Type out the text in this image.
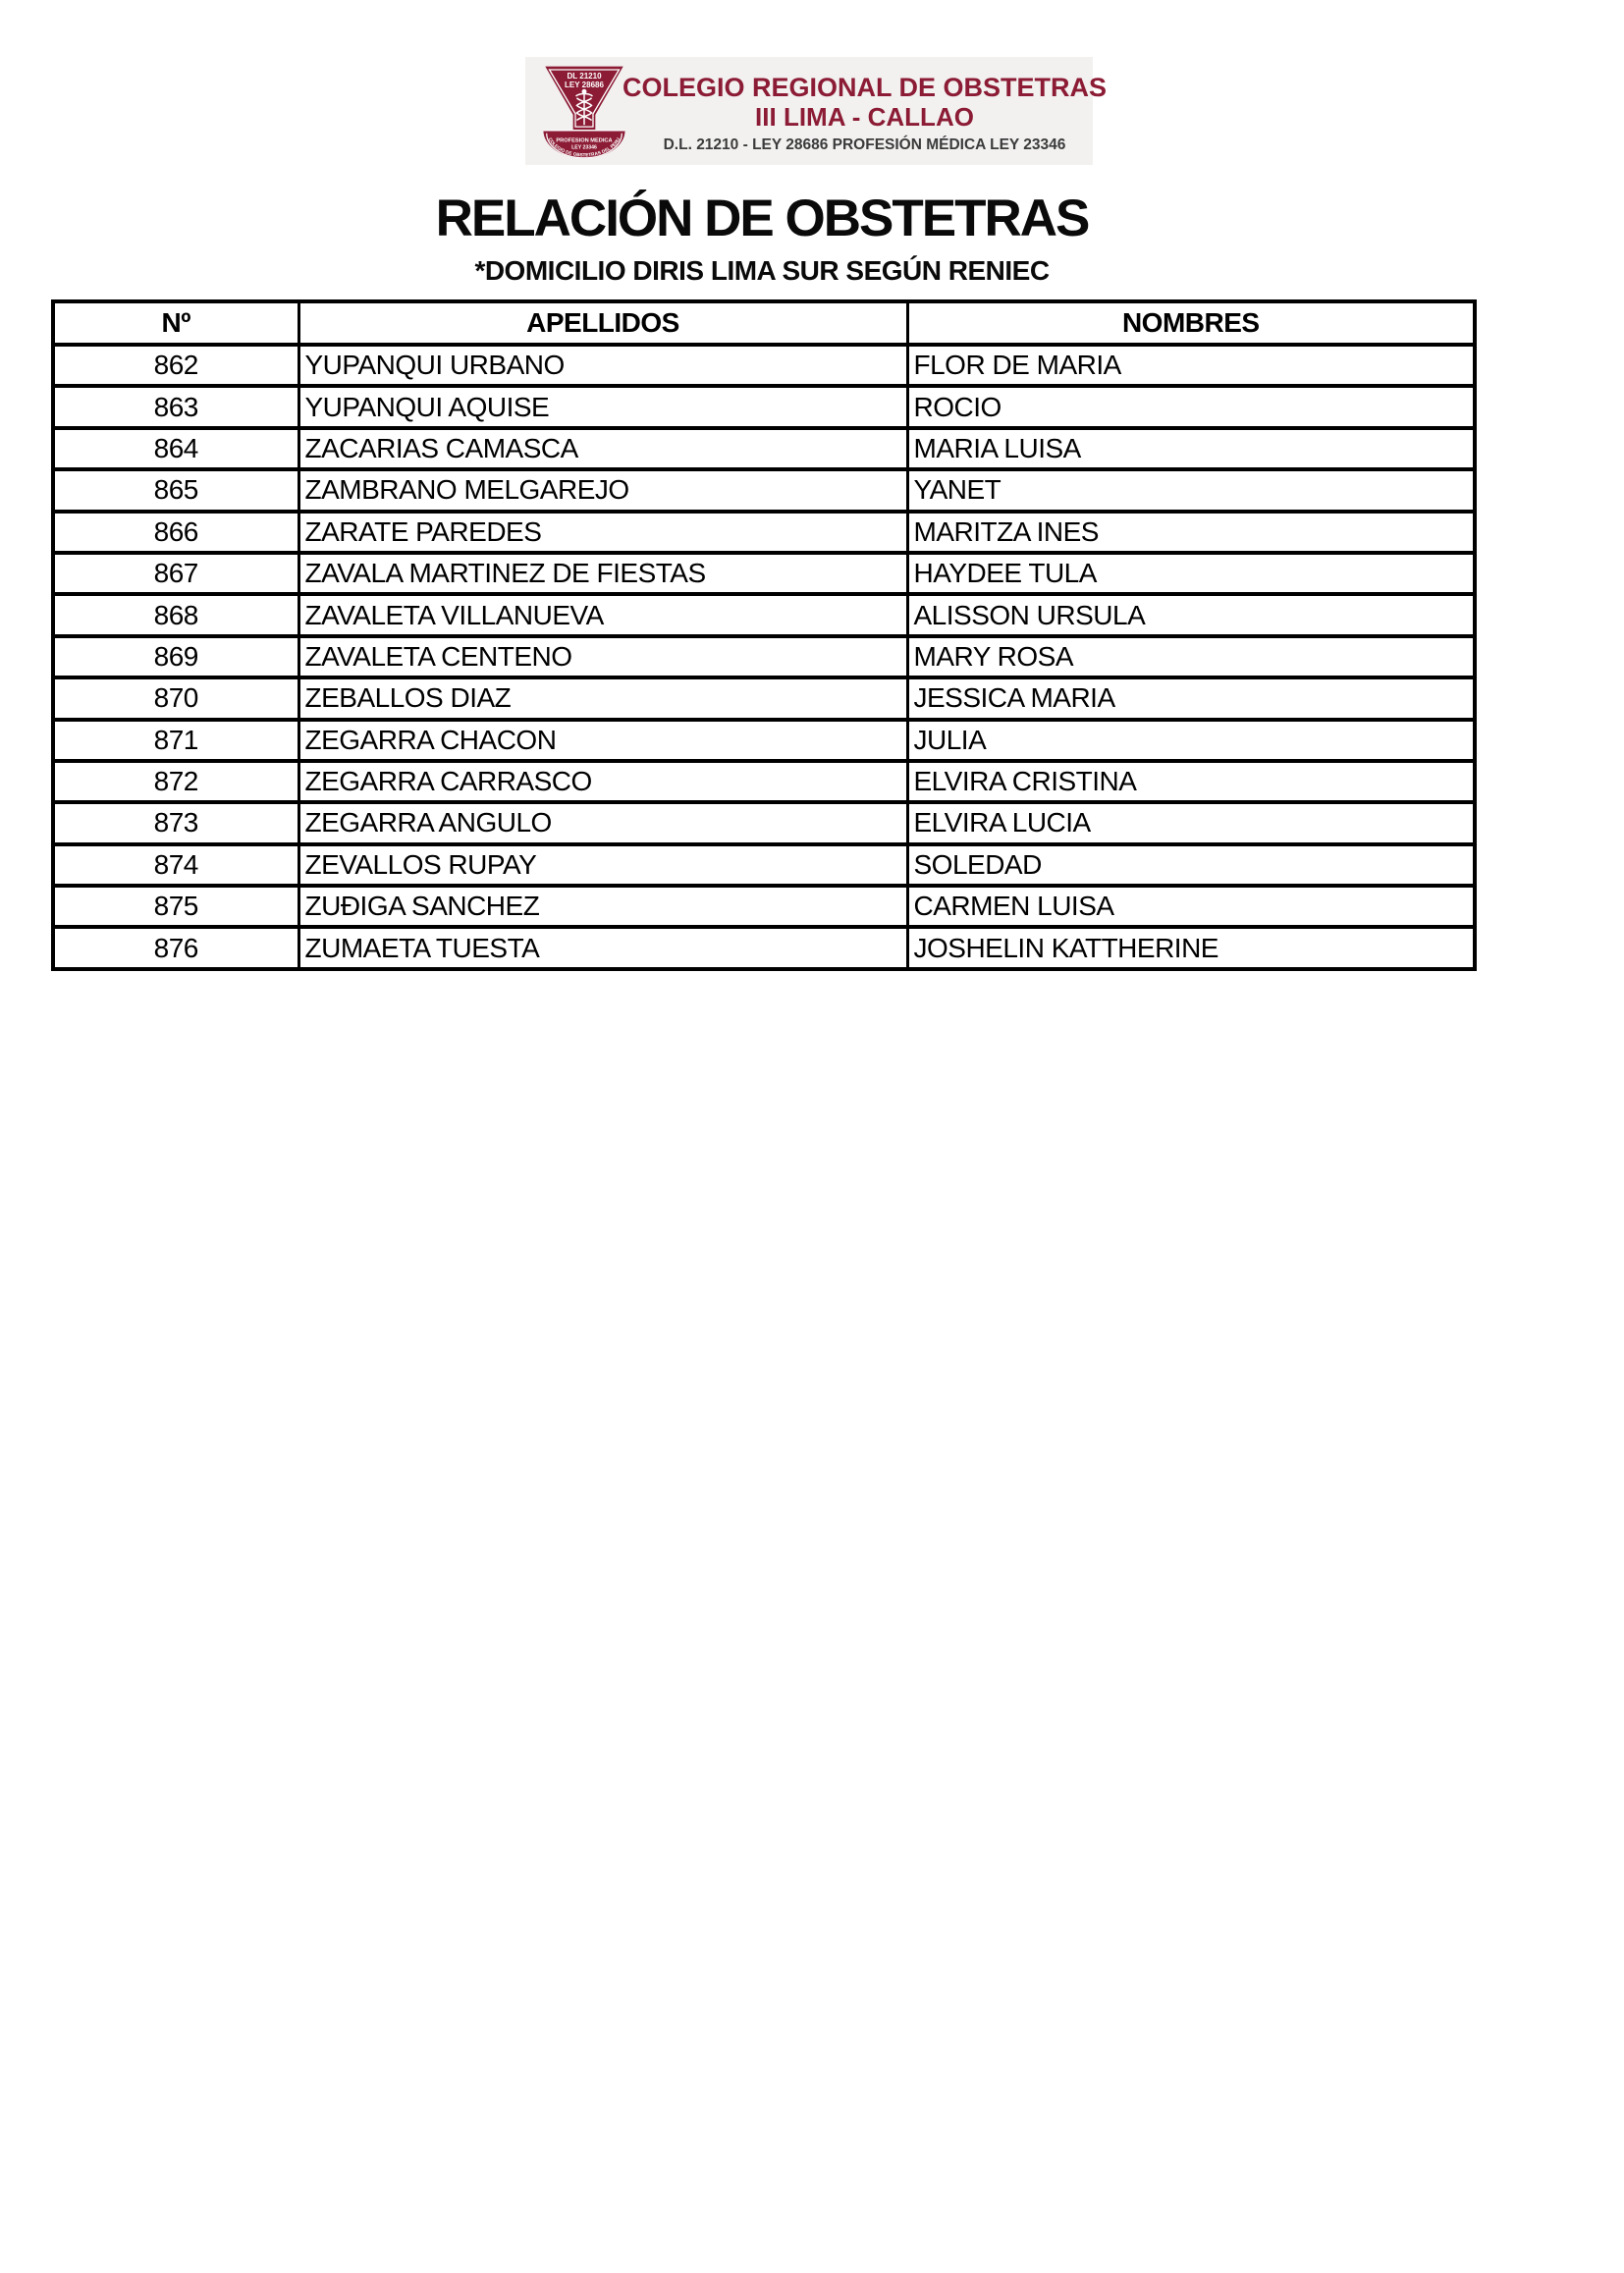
DL 21210
LEY 28686
PROFESION MEDICA
LEY 23346
COLEGIO DE OBSTETRAS DEL PERU
COLEGIO REGIONAL DE OBSTETRAS
III LIMA - CALLAO
D.L. 21210 - LEY 28686 PROFESIÓN MÉDICA LEY 23346
RELACIÓN DE OBSTETRAS
*DOMICILIO DIRIS LIMA SUR SEGÚN RENIEC
Nº	APELLIDOS	NOMBRES
862	YUPANQUI URBANO	FLOR DE MARIA
863	YUPANQUI AQUISE	ROCIO
864	ZACARIAS CAMASCA	MARIA LUISA
865	ZAMBRANO MELGAREJO	YANET
866	ZARATE PAREDES	MARITZA INES
867	ZAVALA MARTINEZ DE FIESTAS	HAYDEE TULA
868	ZAVALETA VILLANUEVA	ALISSON URSULA
869	ZAVALETA CENTENO	MARY ROSA
870	ZEBALLOS DIAZ	JESSICA MARIA
871	ZEGARRA CHACON	JULIA
872	ZEGARRA CARRASCO	ELVIRA CRISTINA
873	ZEGARRA ANGULO	ELVIRA LUCIA
874	ZEVALLOS RUPAY	SOLEDAD
875	ZUÐIGA SANCHEZ	CARMEN LUISA
876	ZUMAETA TUESTA	JOSHELIN KATTHERINE
